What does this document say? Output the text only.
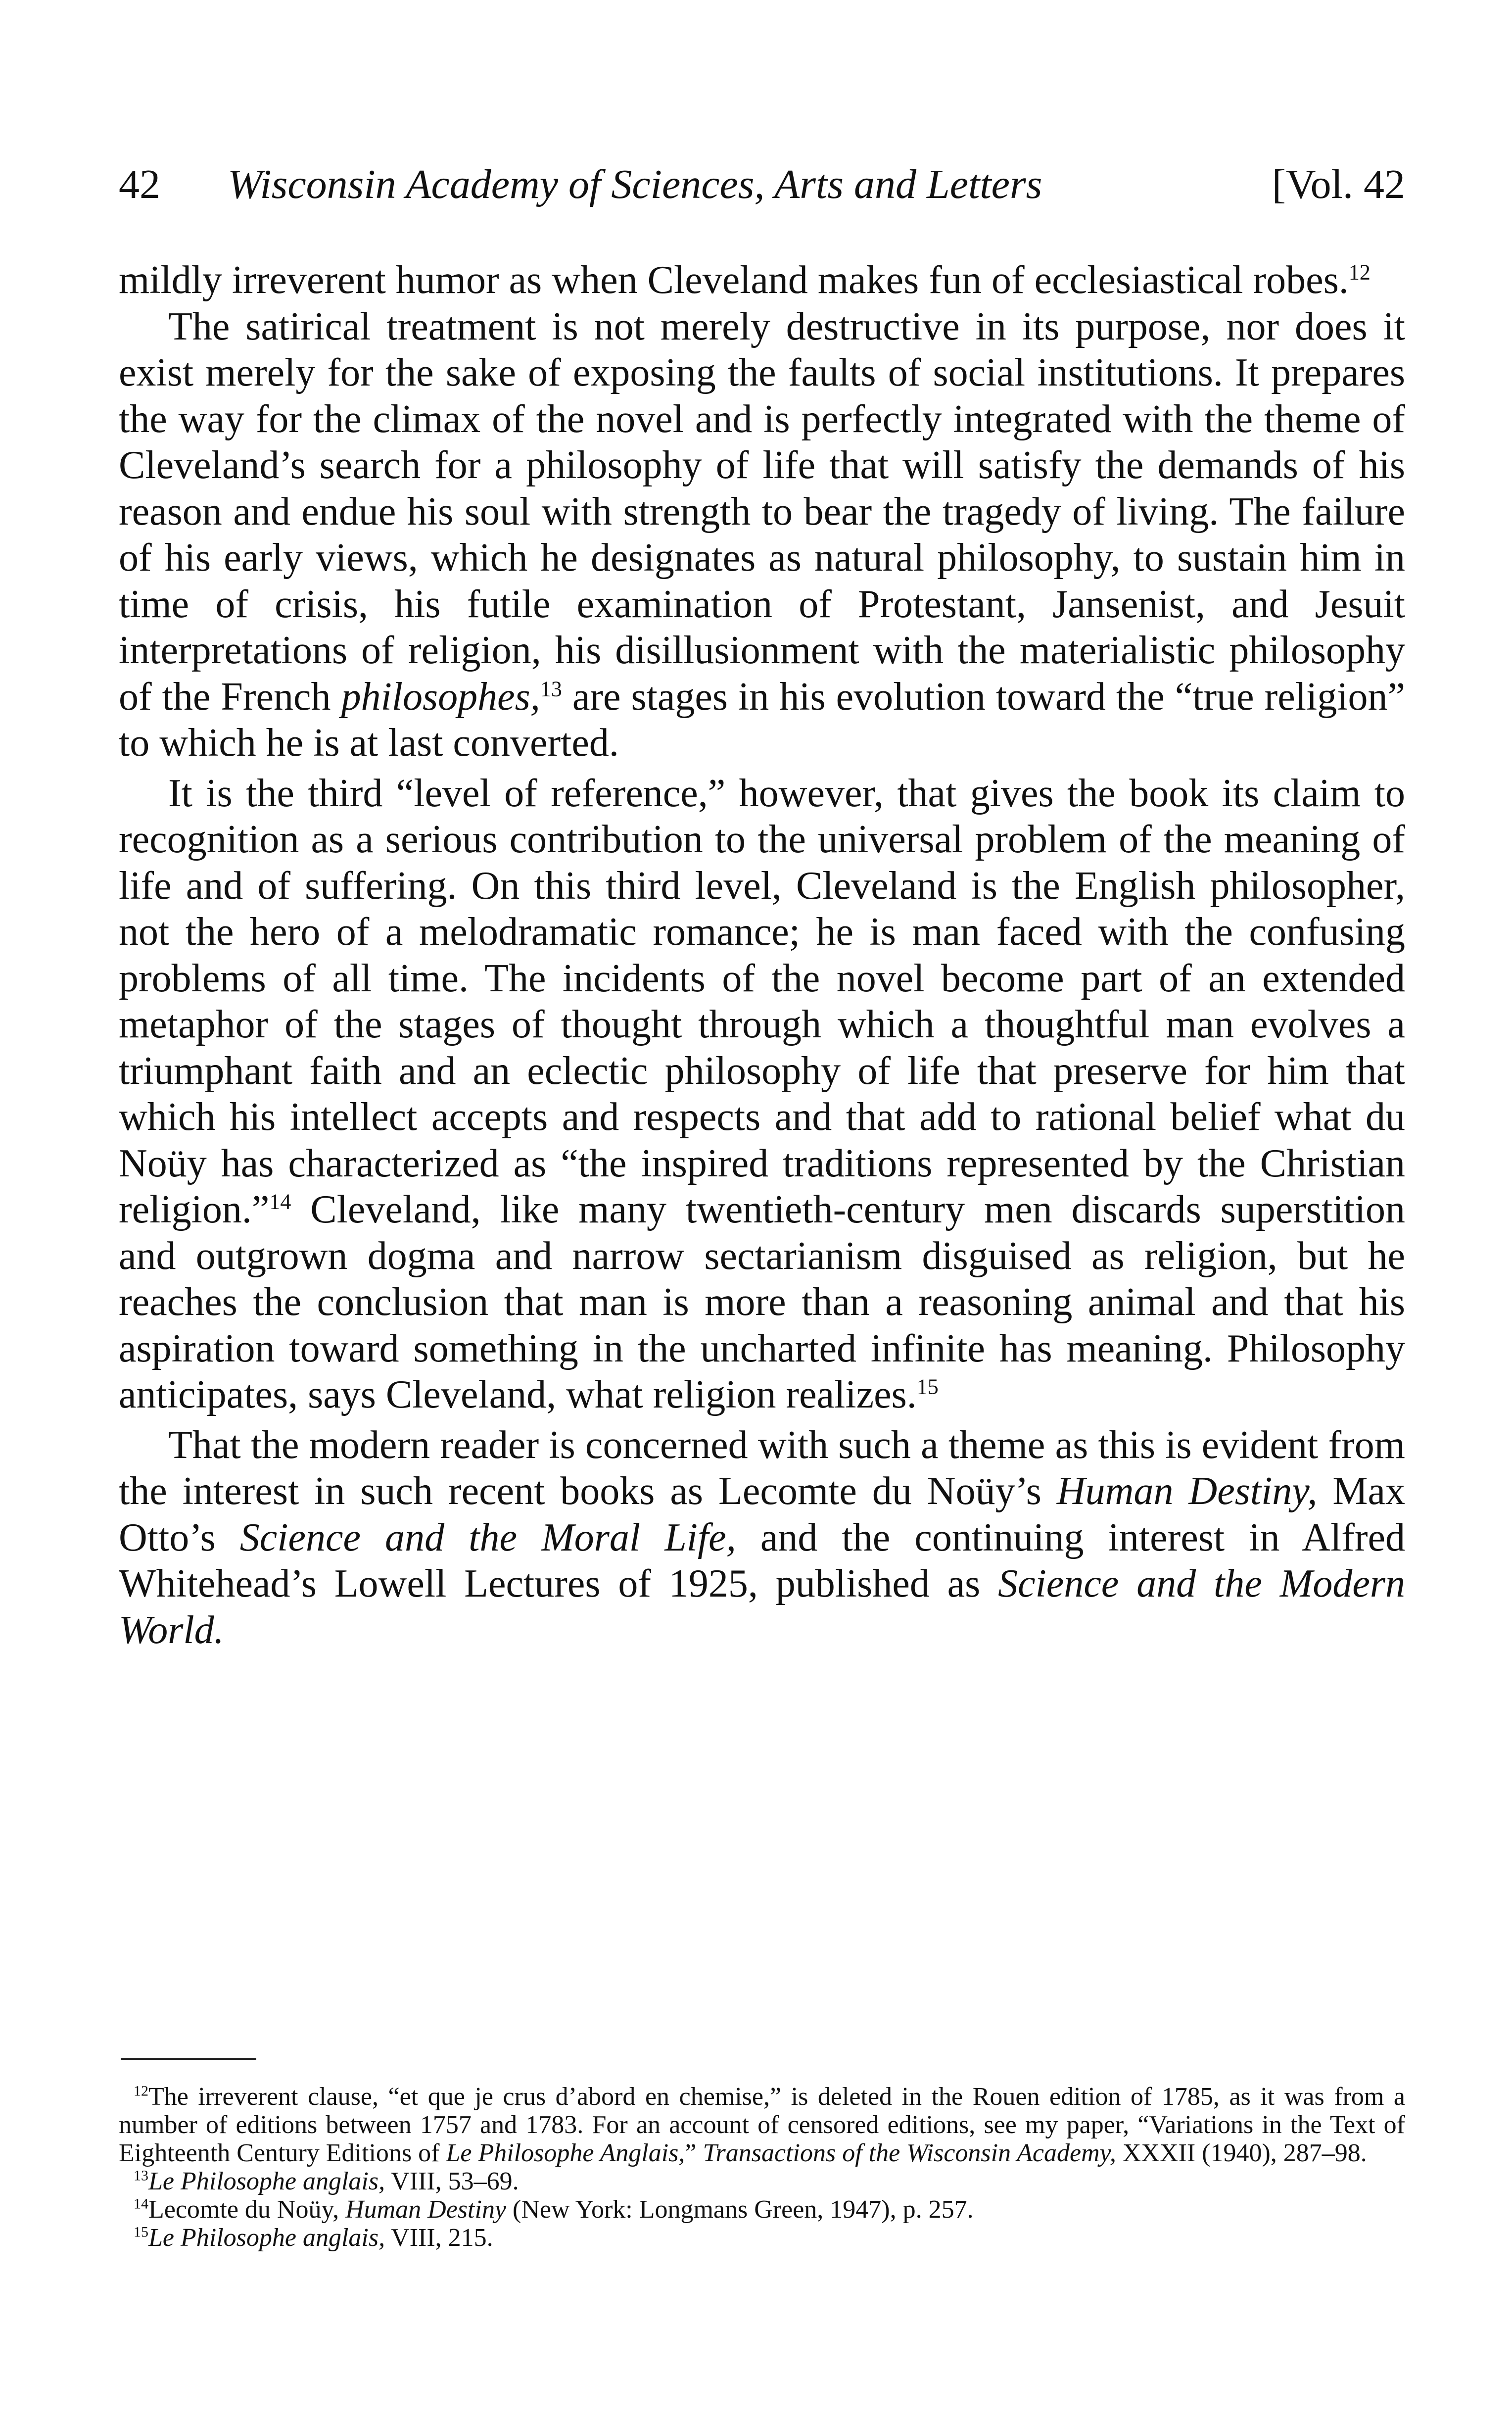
42 Wisconsin Academy of Sciences, Arts and Letters	[Vol. 42

mildly irreverent humor as when Cleveland makes fun of ecclesiastical robes.$^{12}$

The satirical treatment is not merely destructive in its purpose, nor does it exist merely for the sake of exposing the faults of social institutions. It prepares the way for the climax of the novel and is perfectly integrated with the theme of Cleveland’s search for a philosophy of life that will satisfy the demands of his reason and endue his soul with strength to bear the tragedy of living. The failure of his early views, which he designates as natural philosophy, to sustain him in time of crisis, his futile examination of Protestant, Jansenist, and Jesuit interpretations of religion, his disillusionment with the materialistic philosophy of the French philosophes,$^{13}$ are stages in his evolution toward the “true religion” to which he is at last converted.

It is the third “level of reference,” however, that gives the book its claim to recognition as a serious contribution to the universal problem of the meaning of life and of suffering. On this third level, Cleveland is the English philosopher, not the hero of a melodramatic romance; he is man faced with the confusing problems of all time. The incidents of the novel become part of an extended metaphor of the stages of thought through which a thoughtful man evolves a triumphant faith and an eclectic philosophy of life that preserve for him that which his intellect accepts and respects and that add to rational belief what du Noüy has characterized as “the inspired traditions represented by the Christian religion.”$^{14}$ Cleveland, like many twentieth-century men discards superstition and outgrown dogma and narrow sectarianism disguised as religion, but he reaches the conclusion that man is more than a reasoning animal and that his aspiration toward something in the uncharted infinite has meaning. Philosophy anticipates, says Cleveland, what religion realizes.$^{15}$

That the modern reader is concerned with such a theme as this is evident from the interest in such recent books as Lecomte du Noüy’s Human Destiny, Max Otto’s Science and the Moral Life, and the continuing interest in Alfred Whitehead’s Lowell Lectures of 1925, published as Science and the Modern World.

$^{12}$The irreverent clause, “et que je crus d’abord en chemise,” is deleted in the Rouen edition of 1785, as it was from a number of editions between 1757 and 1783. For an account of censored editions, see my paper, “Variations in the Text of Eighteenth Century Editions of Le Philosophe Anglais,” Transactions of the Wisconsin Academy, XXXII (1940), 287–98.

$^{13}$Le Philosophe anglais, VIII, 53–69.

$^{14}$Lecomte du Noüy, Human Destiny (New York: Longmans Green, 1947), p. 257.

$^{15}$Le Philosophe anglais, VIII, 215.
